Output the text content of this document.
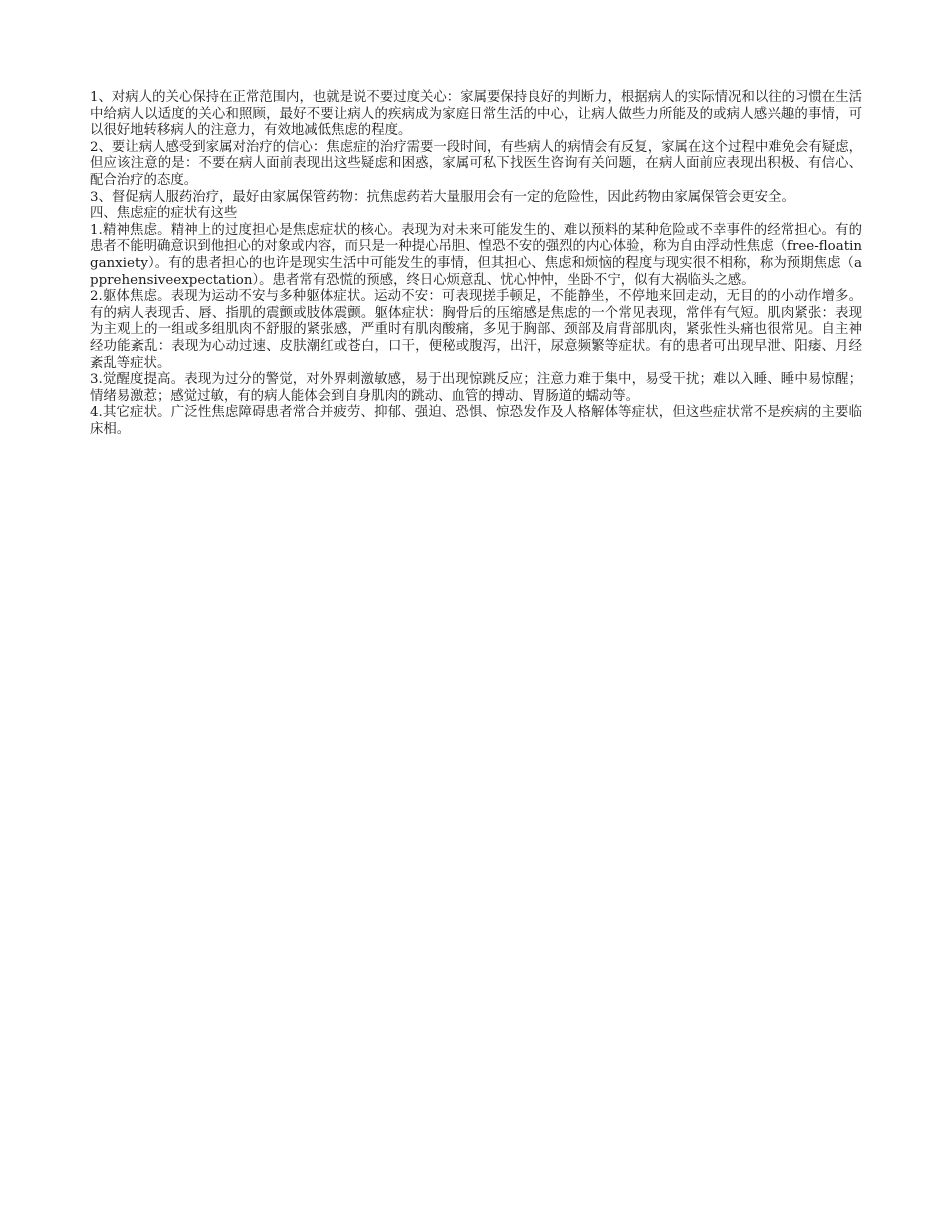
1、对病人的关心保持在正常范围内，也就是说不要过度关心：家属要保持良好的判断力，根据病人的实际情况和以往的习惯在生活中给病人以适度的关心和照顾，最好不要让病人的疾病成为家庭日常生活的中心，让病人做些力所能及的或病人感兴趣的事情，可以很好地转移病人的注意力，有效地减低焦虑的程度。

2、要让病人感受到家属对治疗的信心：焦虑症的治疗需要一段时间，有些病人的病情会有反复，家属在这个过程中难免会有疑虑，但应该注意的是：不要在病人面前表现出这些疑虑和困惑，家属可私下找医生咨询有关问题，在病人面前应表现出积极、有信心、配合治疗的态度。

3、督促病人服药治疗，最好由家属保管药物：抗焦虑药若大量服用会有一定的危险性，因此药物由家属保管会更安全。

四、焦虑症的症状有这些

1.精神焦虑。精神上的过度担心是焦虑症状的核心。表现为对未来可能发生的、难以预料的某种危险或不幸事件的经常担心。有的患者不能明确意识到他担心的对象或内容，而只是一种提心吊胆、惶恐不安的强烈的内心体验，称为自由浮动性焦虑（free-floatinganxiety）。有的患者担心的也许是现实生活中可能发生的事情，但其担心、焦虑和烦恼的程度与现实很不相称，称为预期焦虑（apprehensiveexpectation）。患者常有恐慌的预感，终日心烦意乱、忧心忡忡，坐卧不宁，似有大祸临头之感。

2.躯体焦虑。表现为运动不安与多种躯体症状。运动不安：可表现搓手顿足，不能静坐，不停地来回走动，无目的的小动作增多。有的病人表现舌、唇、指肌的震颤或肢体震颤。躯体症状：胸骨后的压缩感是焦虑的一个常见表现，常伴有气短。肌肉紧张：表现为主观上的一组或多组肌肉不舒服的紧张感，严重时有肌肉酸痛，多见于胸部、颈部及肩背部肌肉，紧张性头痛也很常见。自主神经功能紊乱：表现为心动过速、皮肤潮红或苍白，口干，便秘或腹泻，出汗，尿意频繁等症状。有的患者可出现早泄、阳痿、月经紊乱等症状。

3.觉醒度提高。表现为过分的警觉，对外界刺激敏感，易于出现惊跳反应；注意力难于集中，易受干扰；难以入睡、睡中易惊醒；情绪易激惹；感觉过敏，有的病人能体会到自身肌肉的跳动、血管的搏动、胃肠道的蠕动等。

4.其它症状。广泛性焦虑障碍患者常合并疲劳、抑郁、强迫、恐惧、惊恐发作及人格解体等症状，但这些症状常不是疾病的主要临床相。
